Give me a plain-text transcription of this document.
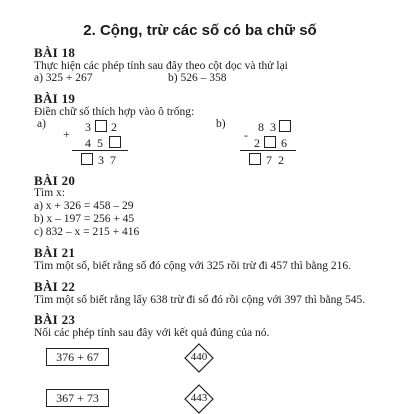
2. Cộng, trừ các số có ba chữ số
BÀI 18
Thực hiện các phép tính sau đây theo cột dọc và thử lại
a) 325 + 267	b) 526 – 358
BÀI 19
Điền chữ số thích hợp vào ô trống:
a)	b)
+ 3 2
4 5
3 7
-
8 3
2 6
7 2
BÀI 20
Tìm x:
a) x + 326 = 458 – 29
b) x – 197 = 256 + 45
c) 832 – x = 215 + 416
BÀI 21
Tìm một số, biết rằng số đó cộng với 325 rồi trừ đi 457 thì bằng 216.
BÀI 22
Tìm một số biết rằng lấy 638 trừ đi số đó rồi cộng với 397 thì bằng 545.
BÀI 23
Nối các phép tính sau đây với kết quả đúng của nó.
376 + 67
367 + 73
440
443
